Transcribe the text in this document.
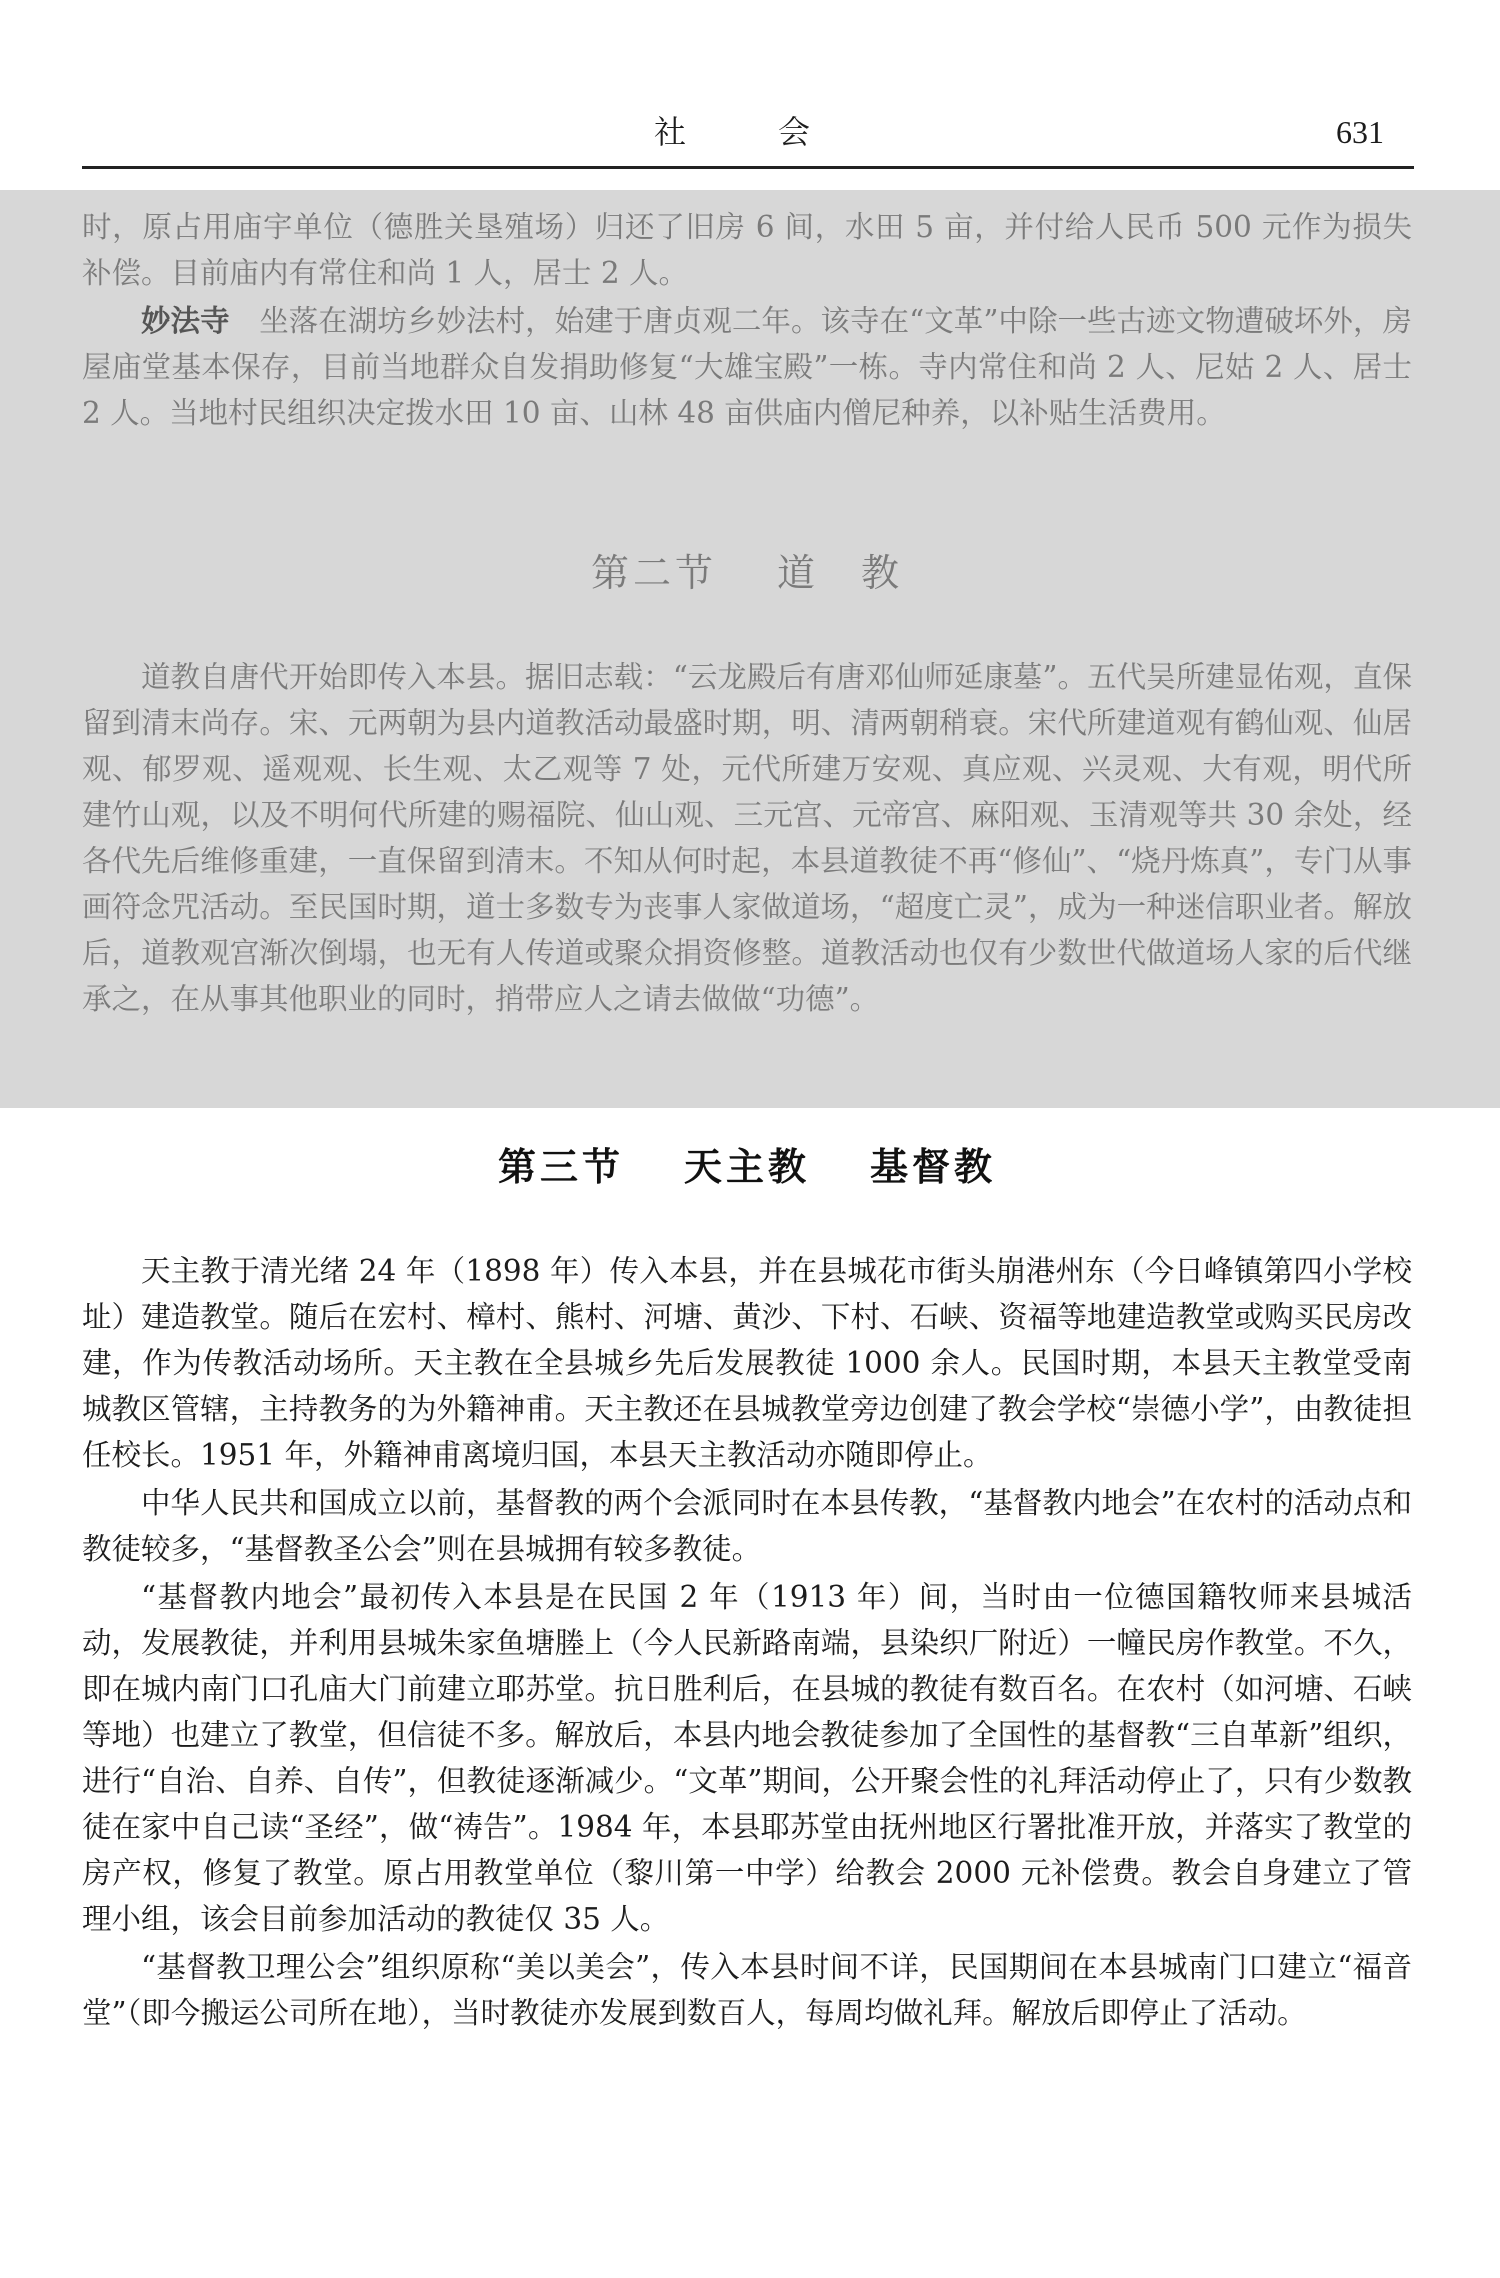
社　会	631

时，原占用庙宇单位（德胜关垦殖场）归还了旧房 6 间，水田 5 亩，并付给人民币 500 元作为损失补偿。目前庙内有常住和尚 1 人，居士 2 人。

妙法寺　 坐落在湖坊乡妙法村，始建于唐贞观二年。该寺在“文革”中除一些古迹文物遭破坏外，房屋庙堂基本保存，目前当地群众自发捐助修复“大雄宝殿”一栋。寺内常住和尚 2 人、尼姑 2 人、居士 2 人。当地村民组织决定拨水田 10 亩、山林 48 亩供庙内僧尼种养，以补贴生活费用。

第二节 道　教

道教自唐代开始即传入本县。据旧志载：“云龙殿后有唐邓仙师延康墓”。五代吴所建显佑观，直保留到清末尚存。宋、元两朝为县内道教活动最盛时期，明、清两朝稍衰。宋代所建道观有鹤仙观、仙居观、郁罗观、遥观观、长生观、太乙观等 7 处，元代所建万安观、真应观、兴灵观、大有观，明代所建竹山观，以及不明何代所建的赐福院、仙山观、三元宫、元帝宫、麻阳观、玉清观等共 30 余处，经各代先后维修重建，一直保留到清末。不知从何时起，本县道教徒不再“修仙”、“烧丹炼真”，专门从事画符念咒活动。至民国时期，道士多数专为丧事人家做道场，“超度亡灵”，成为一种迷信职业者。解放后，道教观宫渐次倒塌，也无有人传道或聚众捐资修整。道教活动也仅有少数世代做道场人家的后代继承之，在从事其他职业的同时，捎带应人之请去做做“功德”。

第三节 天主教 基督教

天主教于清光绪 24 年（1898 年）传入本县，并在县城花市街头崩港州东（今日峰镇第四小学校址）建造教堂。随后在宏村、樟村、熊村、河塘、黄沙、下村、石峡、资福等地建造教堂或购买民房改建，作为传教活动场所。天主教在全县城乡先后发展教徒 1000 余人。民国时期，本县天主教堂受南城教区管辖，主持教务的为外籍神甫。天主教还在县城教堂旁边创建了教会学校“崇德小学”，由教徒担任校长。1951 年，外籍神甫离境归国，本县天主教活动亦随即停止。

中华人民共和国成立以前，基督教的两个会派同时在本县传教，“基督教内地会”在农村的活动点和教徒较多，“基督教圣公会”则在县城拥有较多教徒。

“基督教内地会”最初传入本县是在民国 2 年（1913 年）间，当时由一位德国籍牧师来县城活动，发展教徒，并利用县城朱家鱼塘塍上（今人民新路南端，县染织厂附近）一幢民房作教堂。不久，即在城内南门口孔庙大门前建立耶苏堂。抗日胜利后，在县城的教徒有数百名。在农村（如河塘、石峡等地）也建立了教堂，但信徒不多。解放后，本县内地会教徒参加了全国性的基督教“三自革新”组织，进行“自治、自养、自传”，但教徒逐渐减少。“文革”期间，公开聚会性的礼拜活动停止了，只有少数教徒在家中自己读“圣经”，做“祷告”。1984 年，本县耶苏堂由抚州地区行署批准开放，并落实了教堂的房产权，修复了教堂。原占用教堂单位（黎川第一中学）给教会 2000 元补偿费。教会自身建立了管理小组，该会目前参加活动的教徒仅 35 人。

“基督教卫理公会”组织原称“美以美会”，传入本县时间不详，民国期间在本县城南门口建立“福音堂”（即今搬运公司所在地），当时教徒亦发展到数百人，每周均做礼拜。解放后即停止了活动。
